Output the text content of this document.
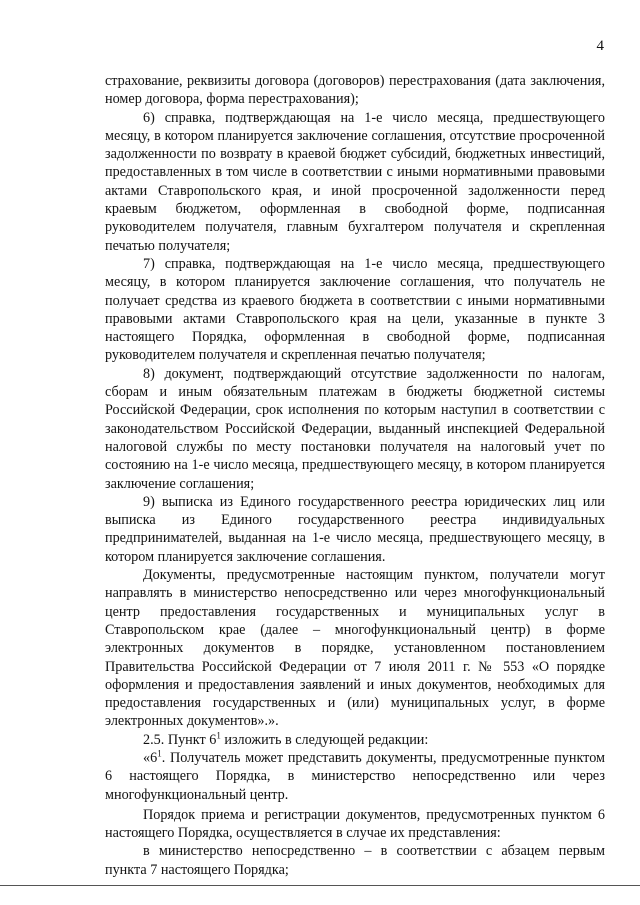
4

страхование, реквизиты договора (договоров) перестрахования (дата заключения, номер договора, форма перестрахования);

6) справка, подтверждающая на 1-е число месяца, предшествующего месяцу, в котором планируется заключение соглашения, отсутствие просроченной задолженности по возврату в краевой бюджет субсидий, бюджетных инвестиций, предоставленных в том числе в соответствии с иными нормативными правовыми актами Ставропольского края, и иной просроченной задолженности перед краевым бюджетом, оформленная в свободной форме, подписанная руководителем получателя, главным бухгалтером получателя и скрепленная печатью получателя;

7) справка, подтверждающая на 1-е число месяца, предшествующего месяцу, в котором планируется заключение соглашения, что получатель не получает средства из краевого бюджета в соответствии с иными нормативными правовыми актами Ставропольского края на цели, указанные в пункте 3 настоящего Порядка, оформленная в свободной форме, подписанная руководителем получателя и скрепленная печатью получателя;

8) документ, подтверждающий отсутствие задолженности по налогам, сборам и иным обязательным платежам в бюджеты бюджетной системы Российской Федерации, срок исполнения по которым наступил в соответствии с законодательством Российской Федерации, выданный инспекцией Федеральной налоговой службы по месту постановки получателя на налоговый учет по состоянию на 1-е число месяца, предшествующего месяцу, в котором планируется заключение соглашения;

9) выписка из Единого государственного реестра юридических лиц или выписка из Единого государственного реестра индивидуальных предпринимателей, выданная на 1-е число месяца, предшествующего месяцу, в котором планируется заключение соглашения.

Документы, предусмотренные настоящим пунктом, получатели могут направлять в министерство непосредственно или через многофункциональный центр предоставления государственных и муниципальных услуг в Ставропольском крае (далее – многофункциональный центр) в форме электронных документов в порядке, установленном постановлением Правительства Российской Федерации от 7 июля 2011 г. № 553 «О порядке оформления и предоставления заявлений и иных документов, необходимых для предоставления государственных и (или) муниципальных услуг, в форме электронных документов».».

2.5. Пункт $6^1$ изложить в следующей редакции:

«$6^1$. Получатель может представить документы, предусмотренные пунктом 6 настоящего Порядка, в министерство непосредственно или через многофункциональный центр.

Порядок приема и регистрации документов, предусмотренных пунктом 6 настоящего Порядка, осуществляется в случае их представления:

в министерство непосредственно – в соответствии с абзацем первым пункта 7 настоящего Порядка;
